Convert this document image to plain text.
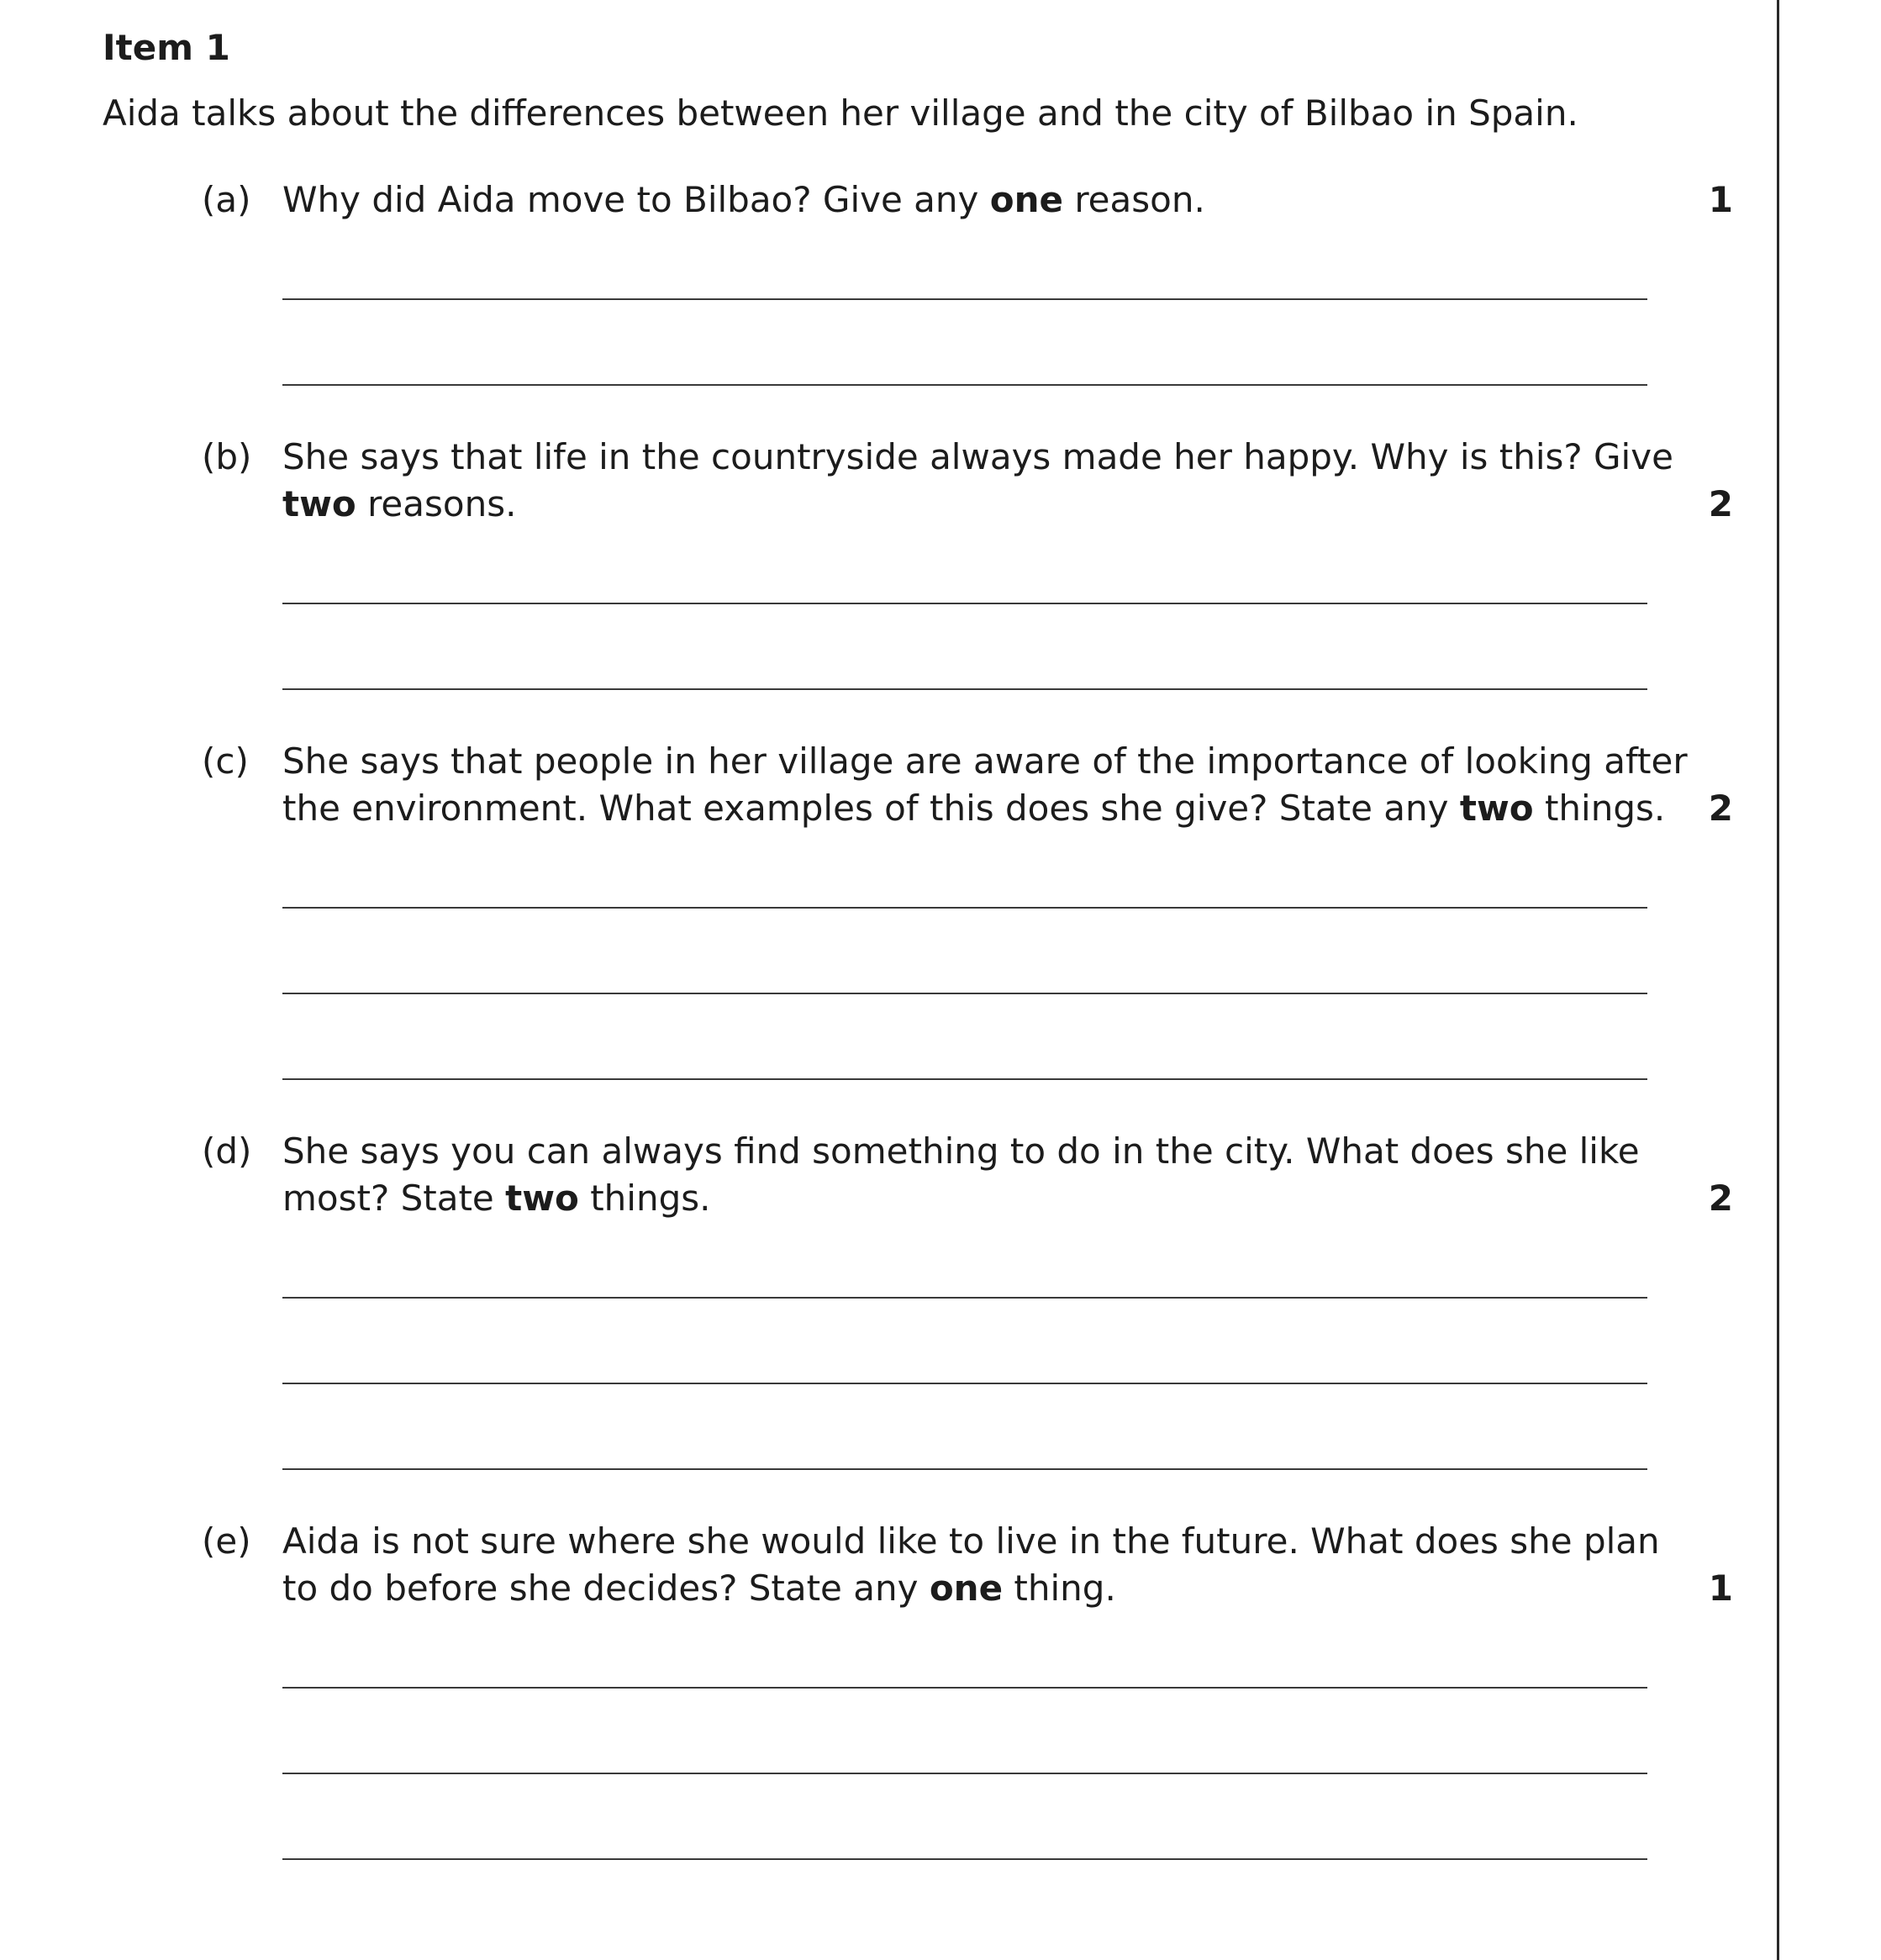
Item 1
Aida talks about the differences between her village and the city of Bilbao in Spain.
(a) Why did Aida move to Bilbao? Give any one reason.	1
(b) She says that life in the countryside always made her happy. Why is this? Give
two reasons.	2
(c) She says that people in her village are aware of the importance of looking after
the environment. What examples of this does she give? State any two things. 2
(d) She says you can always find something to do in the city. What does she like
most? State two things.	2
(e) Aida is not sure where she would like to live in the future. What does she plan
to do before she decides? State any one thing.	1
